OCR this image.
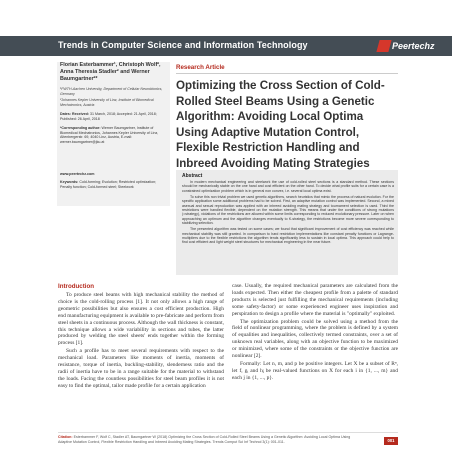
Trends in Computer Science and Information Technology	Peertechz
Florian Esterbammer¹, Christoph Wolf², Anna Theresia Stadler² and Werner Baumgartner²*

¹FWTH-Aachen University, Department of Cellular Neurobionics, Germany

²Johannes Kepler University of Linz, Institute of Biomedical Mechatronics, Austria

Dates: Received: 31 March, 2018; Accepted: 21 April, 2018; Published: 26 April, 2018
*Corresponding author: Werner Baumgartner, Institute of Biomedical Mechatronics, Johannes Kepler University of Linz, Altenbergerstr. 69, 4040 Linz, Austria, E-mail: werner.baumgartner@jku.at
www.peertechz.com
Keywords: Cold-forming; Evolution; Restricted optimization; Penalty function; Cold-formed steel; Steelwork
Research Article
Optimizing the Cross Section of Cold-Rolled Steel Beams Using a Genetic Algorithm: Avoiding Local Optima Using Adaptive Mutation Control, Flexible Restriction Handling and Inbreed Avoiding Mating Strategies
Abstract

In modern mechanical engineering and steelwork the use of cold-rolled steel sections is a standard method. These sections should be mechanically stable on the one hand and cost efficient on the other hand. To decide what profile suits for a certain case is a constrained optimization problem which is in general non convex, i.e. several local optima exist.

To solve this non trivial problem we used genetic algorithms, search heuristics that mimic the process of natural evolution. For the specific application some additional problems had to be solved. First, an adaptive mutation control was implemented. Second, a mixed asexual and sexual reproduction was applied with an inbreed avoiding mating strategy and tournament selection is used. Third the restrictions were handled flexible, dependent on the mutation strength. This means that under the conditions of strong mutations (=strategy), violations of the restrictions are allowed within some limits corresponding to reduced evolutionary pressure. Later on when approaching an optimum and the algorithm changes eventually to K-strategy, the restrictions become more severe corresponding to stabilizing selection.

The presented algorithm was tested on some cases; we found that significant improvement of cost efficiency was reached while mechanical stability was still granted. In comparison to hard restriction implementations like constant penalty functions or Lagrange-multipliers due to the flexible restrictions the algorithm tends significantly less to sustain in local optima. This approach could help to find cost efficient and light weight steel structures for mechanical engineering in the near future.

Introduction

To produce steel beams with high mechanical stability the method of choice is the cold-rolling process [1]. It not only allows a high range of geometric possibilities but also ensures a cost efficient production. High end manufacturing equipment is available to pre-fabricate and perform from steel sheets in a continuous process. Although the wall thickness is constant, this technique allows a wide variability in sections and tubes, the latter produced by welding the steel sheets' ends together within the forming process [1].

Such a profile has to meet several requirements with respect to the mechanical load. Parameters like moments of inertia, moments of resistance, torque of inertia, buckling-stability, slenderness ratio and the radii of inertia have to be in a range suitable for the material to withstand the loads. Facing the countless possibilities for steel beam profiles it is not easy to find the optimal, tailor made profile for a certain application

case. Usually, the required mechanical parameters are calculated from the loads expected. Then either the cheapest profile from a palette of standard products is selected just fulfilling the mechanical requirements (including some safety-factor) or some experienced engineer uses inspiration and perspiration to design a profile where the material is "optimally" exploited.

The optimization problem could be solved using a method from the field of nonlinear programming, where the problem is defined by a system of equalities and inequalities, collectively termed constraints, over a set of unknown real variables, along with an objective function to be maximized or minimized, where some of the constraints or the objective function are nonlinear [2].

Formally: Let n, m, and p be positive integers. Let X be a subset of Rⁿ, let f, gᵢ and hⱼ be real-valued functions on X for each i in {1, ..., m} and each j in {1, ..., p}.

Citation: Esterbammer F, Wolf C, Stadler AT, Baumgartner W (2018) Optimizing the Cross Section of Cold-Rolled Steel Beams Using a Genetic Algorithm: Avoiding Local Optima Using Adaptive Mutation Control, Flexible Restriction Handling and Inbreed Avoiding Mating Strategies. Trends Comput Sci Inf Technol 3(1): 001-011.	001
